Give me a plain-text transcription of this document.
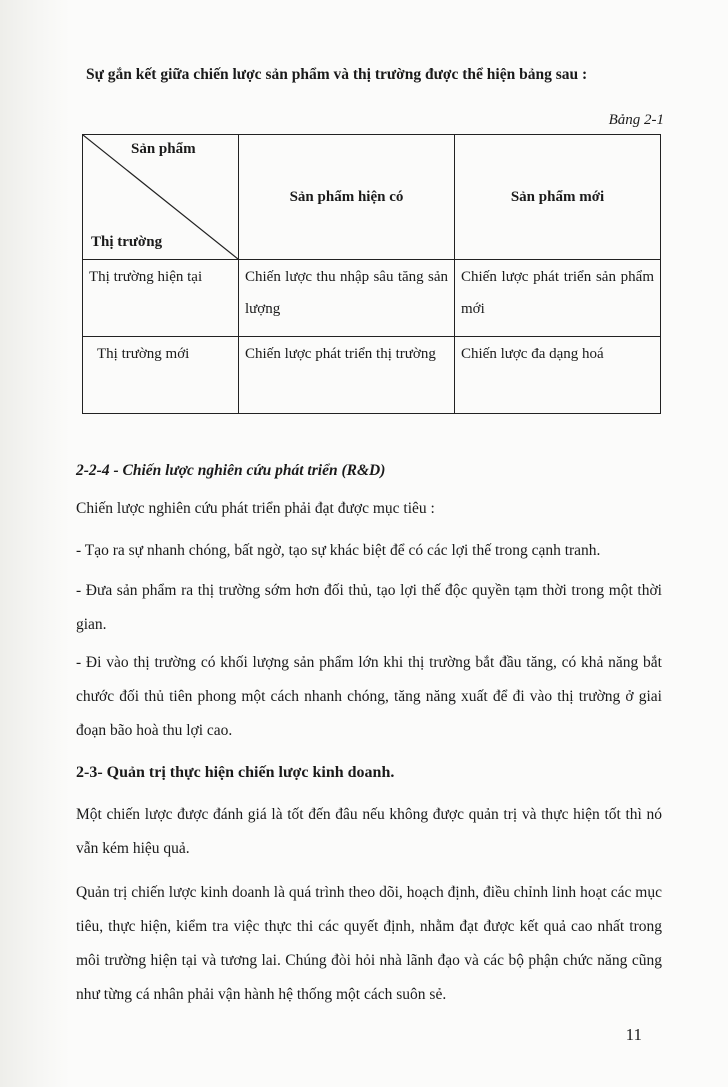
Sự gắn kết giữa chiến lược sản phẩm và thị trường được thể hiện bảng sau :
Bảng 2-1
Sản phẩm
Thị trường	Sản phẩm hiện có	Sản phẩm mới

Thị trường hiện tại	Chiến lược thu nhập sâu tăng sản lượng	Chiến lược phát triển sản phẩm mới

Thị trường mới	Chiến lược phát triển thị trường	Chiến lược đa dạng hoá
2-2-4 - Chiến lược nghiên cứu phát triển (R&D)
Chiến lược nghiên cứu phát triển phải đạt được mục tiêu :
- Tạo ra sự nhanh chóng, bất ngờ, tạo sự khác biệt để có các lợi thế trong cạnh tranh.
- Đưa sản phẩm ra thị trường sớm hơn đối thủ, tạo lợi thế độc quyền tạm thời trong một thời gian.
- Đi vào thị trường có khối lượng sản phẩm lớn khi thị trường bắt đầu tăng, có khả năng bắt chước đối thủ tiên phong một cách nhanh chóng, tăng năng xuất để đi vào thị trường ở giai đoạn bão hoà thu lợi cao.
2-3- Quản trị thực hiện chiến lược kinh doanh.
Một chiến lược được đánh giá là tốt đến đâu nếu không được quản trị và thực hiện tốt thì nó vẫn kém hiệu quả.
Quản trị chiến lược kinh doanh là quá trình theo dõi, hoạch định, điều chỉnh linh hoạt các mục tiêu, thực hiện, kiểm tra việc thực thi các quyết định, nhằm đạt được kết quả cao nhất trong môi trường hiện tại và tương lai. Chúng đòi hỏi nhà lãnh đạo và các bộ phận chức năng cũng như từng cá nhân phải vận hành hệ thống một cách suôn sẻ.
11
